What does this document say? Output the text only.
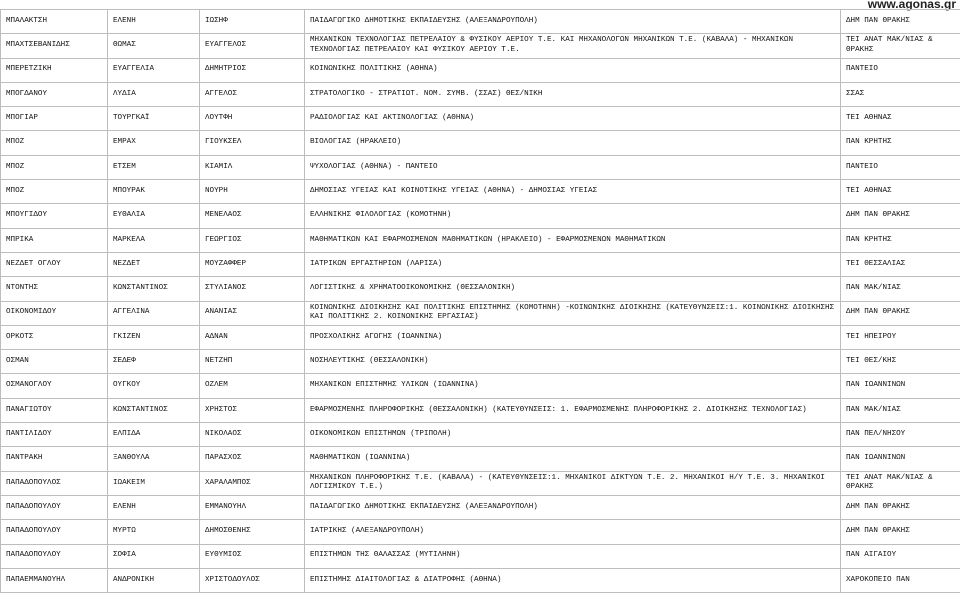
www.agonas.gr
ΜΠΑΛΑΚΤΣΗ	ΕΛΕΝΗ	ΙΩΣΗΦ	ΠΑΙΔΑΓΩΓΙΚΟ ΔΗΜΟΤΙΚΗΣ ΕΚΠΑΙΔΕΥΣΗΣ (ΑΛΕΞΑΝΔΡΟΥΠΟΛΗ)	ΔΗΜ ΠΑΝ ΘΡΑΚΗΣ
ΜΠΑΧΤΣΕΒΑΝΙΔΗΣ	ΘΩΜΑΣ	ΕΥΑΓΓΕΛΟΣ	ΜΗΧΑΝΙΚΩΝ ΤΕΧΝΟΛΟΓΙΑΣ ΠΕΤΡΕΛΑΙΟΥ & ΦΥΣΙΚΟΥ ΑΕΡΙΟΥ Τ.Ε. ΚΑΙ ΜΗΧΑΝΟΛΟΓΩΝ ΜΗΧΑΝΙΚΩΝ Τ.Ε. (ΚΑΒΑΛΑ) - ΜΗΧΑΝΙΚΩΝ ΤΕΧΝΟΛΟΓΙΑΣ ΠΕΤΡΕΛΑΙΟΥ ΚΑΙ ΦΥΣΙΚΟΥ ΑΕΡΙΟΥ Τ.Ε.	ΤΕΙ ΑΝΑΤ ΜΑΚ/ΝΙΑΣ & ΘΡΑΚΗΣ
ΜΠΕΡΕΤΖΙΚΗ	ΕΥΑΓΓΕΛΙΑ	ΔΗΜΗΤΡΙΟΣ	ΚΟΙΝΩΝΙΚΗΣ ΠΟΛΙΤΙΚΗΣ (ΑΘΗΝΑ)	ΠΑΝΤΕΙΟ
ΜΠΟΓΔΑΝΟΥ	ΛΥΔΙΑ	ΑΓΓΕΛΟΣ	ΣΤΡΑΤΟΛΟΓΙΚΟ - ΣΤΡΑΤΙΩΤ. ΝΟΜ. ΣΥΜΒ. (ΣΣΑΣ) ΘΕΣ/ΝΙΚΗ	ΣΣΑΣ
ΜΠΟΓΙΑΡ	ΤΟΥΡΓΚΑΪ	ΛΟΥΤΦΗ	ΡΑΔΙΟΛΟΓΙΑΣ ΚΑΙ ΑΚΤΙΝΟΛΟΓΙΑΣ (ΑΘΗΝΑ)	ΤΕΙ ΑΘΗΝΑΣ
ΜΠΟΖ	ΕΜΡΑΧ	ΓΙΟΥΚΣΕΛ	ΒΙΟΛΟΓΙΑΣ (ΗΡΑΚΛΕΙΟ)	ΠΑΝ ΚΡΗΤΗΣ
ΜΠΟΖ	ΕΤΣΕΜ	ΚΙΑΜΙΛ	ΨΥΧΟΛΟΓΙΑΣ (ΑΘΗΝΑ) - ΠΑΝΤΕΙΟ	ΠΑΝΤΕΙΟ
ΜΠΟΖ	ΜΠΟΥΡΑΚ	ΝΟΥΡΗ	ΔΗΜΟΣΙΑΣ ΥΓΕΙΑΣ ΚΑΙ ΚΟΙΝΟΤΙΚΗΣ ΥΓΕΙΑΣ (ΑΘΗΝΑ) - ΔΗΜΟΣΙΑΣ ΥΓΕΙΑΣ	ΤΕΙ ΑΘΗΝΑΣ
ΜΠΟΥΓΙΔΟΥ	ΕΥΘΑΛΙΑ	ΜΕΝΕΛΑΟΣ	ΕΛΛΗΝΙΚΗΣ ΦΙΛΟΛΟΓΙΑΣ (ΚΟΜΟΤΗΝΗ)	ΔΗΜ ΠΑΝ ΘΡΑΚΗΣ
ΜΠΡΙΚΑ	ΜΑΡΚΕΛΑ	ΓΕΩΡΓΙΟΣ	ΜΑΘΗΜΑΤΙΚΩΝ ΚΑΙ ΕΦΑΡΜΟΣΜΕΝΩΝ ΜΑΘΗΜΑΤΙΚΩΝ (ΗΡΑΚΛΕΙΟ) - ΕΦΑΡΜΟΣΜΕΝΩΝ ΜΑΘΗΜΑΤΙΚΩΝ	ΠΑΝ ΚΡΗΤΗΣ
ΝΕΖΔΕΤ ΟΓΛΟΥ	ΝΕΖΔΕΤ	ΜΟΥΖΑΦΦΕΡ	ΙΑΤΡΙΚΩΝ ΕΡΓΑΣΤΗΡΙΩΝ (ΛΑΡΙΣΑ)	ΤΕΙ ΘΕΣΣΑΛΙΑΣ
ΝΤΟΝΤΗΣ	ΚΩΝΣΤΑΝΤΙΝΟΣ	ΣΤΥΛΙΑΝΟΣ	ΛΟΓΙΣΤΙΚΗΣ & ΧΡΗΜΑΤΟΟΙΚΟΝΟΜΙΚΗΣ (ΘΕΣΣΑΛΟΝΙΚΗ)	ΠΑΝ ΜΑΚ/ΝΙΑΣ
ΟΙΚΟΝΟΜΙΔΟΥ	ΑΓΓΕΛΙΝΑ	ΑΝΑΝΙΑΣ	ΚΟΙΝΩΝΙΚΗΣ ΔΙΟΙΚΗΣΗΣ ΚΑΙ ΠΟΛΙΤΙΚΗΣ ΕΠΙΣΤΗΜΗΣ (ΚΟΜΟΤΗΝΗ) -ΚΟΙΝΩΝΙΚΗΣ ΔΙΟΙΚΗΣΗΣ (ΚΑΤΕΥΘΥΝΣΕΙΣ:1. ΚΟΙΝΩΝΙΚΗΣ ΔΙΟΙΚΗΣΗΣ ΚΑΙ ΠΟΛΙΤΙΚΗΣ 2. ΚΟΙΝΩΝΙΚΗΣ ΕΡΓΑΣΙΑΣ)	ΔΗΜ ΠΑΝ ΘΡΑΚΗΣ
ΟΡΚΟΤΣ	ΓΚΙΖΕΝ	ΑΔΝΑΝ	ΠΡΟΣΧΟΛΙΚΗΣ ΑΓΩΓΗΣ (ΙΩΑΝΝΙΝΑ)	ΤΕΙ ΗΠΕΙΡΟΥ
ΟΣΜΑΝ	ΣΕΔΕΦ	ΝΕΤΖΗΠ	ΝΟΣΗΛΕΥΤΙΚΗΣ (ΘΕΣΣΑΛΟΝΙΚΗ)	ΤΕΙ ΘΕΣ/ΚΗΣ
ΟΣΜΑΝΟΓΛΟΥ	ΟΥΓΚΟΥ	ΟΖΛΕΜ	ΜΗΧΑΝΙΚΩΝ ΕΠΙΣΤΗΜΗΣ ΥΛΙΚΩΝ (ΙΩΑΝΝΙΝΑ)	ΠΑΝ ΙΩΑΝΝΙΝΩΝ
ΠΑΝΑΓΙΩΤΟΥ	ΚΩΝΣΤΑΝΤΙΝΟΣ	ΧΡΗΣΤΟΣ	ΕΦΑΡΜΟΣΜΕΝΗΣ ΠΛΗΡΟΦΟΡΙΚΗΣ (ΘΕΣΣΑΛΟΝΙΚΗ) (ΚΑΤΕΥΘΥΝΣΕΙΣ: 1. ΕΦΑΡΜΟΣΜΕΝΗΣ ΠΛΗΡΟΦΟΡΙΚΗΣ 2. ΔΙΟΙΚΗΣΗΣ ΤΕΧΝΟΛΟΓΙΑΣ)	ΠΑΝ ΜΑΚ/ΝΙΑΣ
ΠΑΝΤΙΛΙΔΟΥ	ΕΛΠΙΔΑ	ΝΙΚΟΛΑΟΣ	ΟΙΚΟΝΟΜΙΚΩΝ ΕΠΙΣΤΗΜΩΝ (ΤΡΙΠΟΛΗ)	ΠΑΝ ΠΕΛ/ΝΗΣΟΥ
ΠΑΝΤΡΑΚΗ	ΞΑΝΘΟΥΛΑ	ΠΑΡΑΣΧΟΣ	ΜΑΘΗΜΑΤΙΚΩΝ (ΙΩΑΝΝΙΝΑ)	ΠΑΝ ΙΩΑΝΝΙΝΩΝ
ΠΑΠΑΔΟΠΟΥΛΟΣ	ΙΩΑΚΕΙΜ	ΧΑΡΑΛΑΜΠΟΣ	ΜΗΧΑΝΙΚΩΝ ΠΛΗΡΟΦΟΡΙΚΗΣ Τ.Ε. (ΚΑΒΑΛΑ) - (ΚΑΤΕΥΘΥΝΣΕΙΣ:1. ΜΗΧΑΝΙΚΟΙ ΔΙΚΤΥΩΝ Τ.Ε. 2. ΜΗΧΑΝΙΚΟΙ Η/Υ Τ.Ε. 3. ΜΗΧΑΝΙΚΟΙ ΛΟΓΙΣΜΙΚΟΥ Τ.Ε.)	ΤΕΙ ΑΝΑΤ ΜΑΚ/ΝΙΑΣ & ΘΡΑΚΗΣ
ΠΑΠΑΔΟΠΟΥΛΟΥ	ΕΛΕΝΗ	ΕΜΜΑΝΟΥΗΛ	ΠΑΙΔΑΓΩΓΙΚΟ ΔΗΜΟΤΙΚΗΣ ΕΚΠΑΙΔΕΥΣΗΣ (ΑΛΕΞΑΝΔΡΟΥΠΟΛΗ)	ΔΗΜ ΠΑΝ ΘΡΑΚΗΣ
ΠΑΠΑΔΟΠΟΥΛΟΥ	ΜΥΡΤΩ	ΔΗΜΟΣΘΕΝΗΣ	ΙΑΤΡΙΚΗΣ (ΑΛΕΞΑΝΔΡΟΥΠΟΛΗ)	ΔΗΜ ΠΑΝ ΘΡΑΚΗΣ
ΠΑΠΑΔΟΠΟΥΛΟΥ	ΣΟΦΙΑ	ΕΥΘΥΜΙΟΣ	ΕΠΙΣΤΗΜΩΝ ΤΗΣ ΘΑΛΑΣΣΑΣ (ΜΥΤΙΛΗΝΗ)	ΠΑΝ ΑΙΓΑΙΟΥ
ΠΑΠΑΕΜΜΑΝΟΥΗΛ	ΑΝΔΡΟΝΙΚΗ	ΧΡΙΣΤΟΔΟΥΛΟΣ	ΕΠΙΣΤΗΜΗΣ ΔΙΑΙΤΟΛΟΓΙΑΣ & ΔΙΑΤΡΟΦΗΣ (ΑΘΗΝΑ)	ΧΑΡΟΚΟΠΕΙΟ ΠΑΝ
